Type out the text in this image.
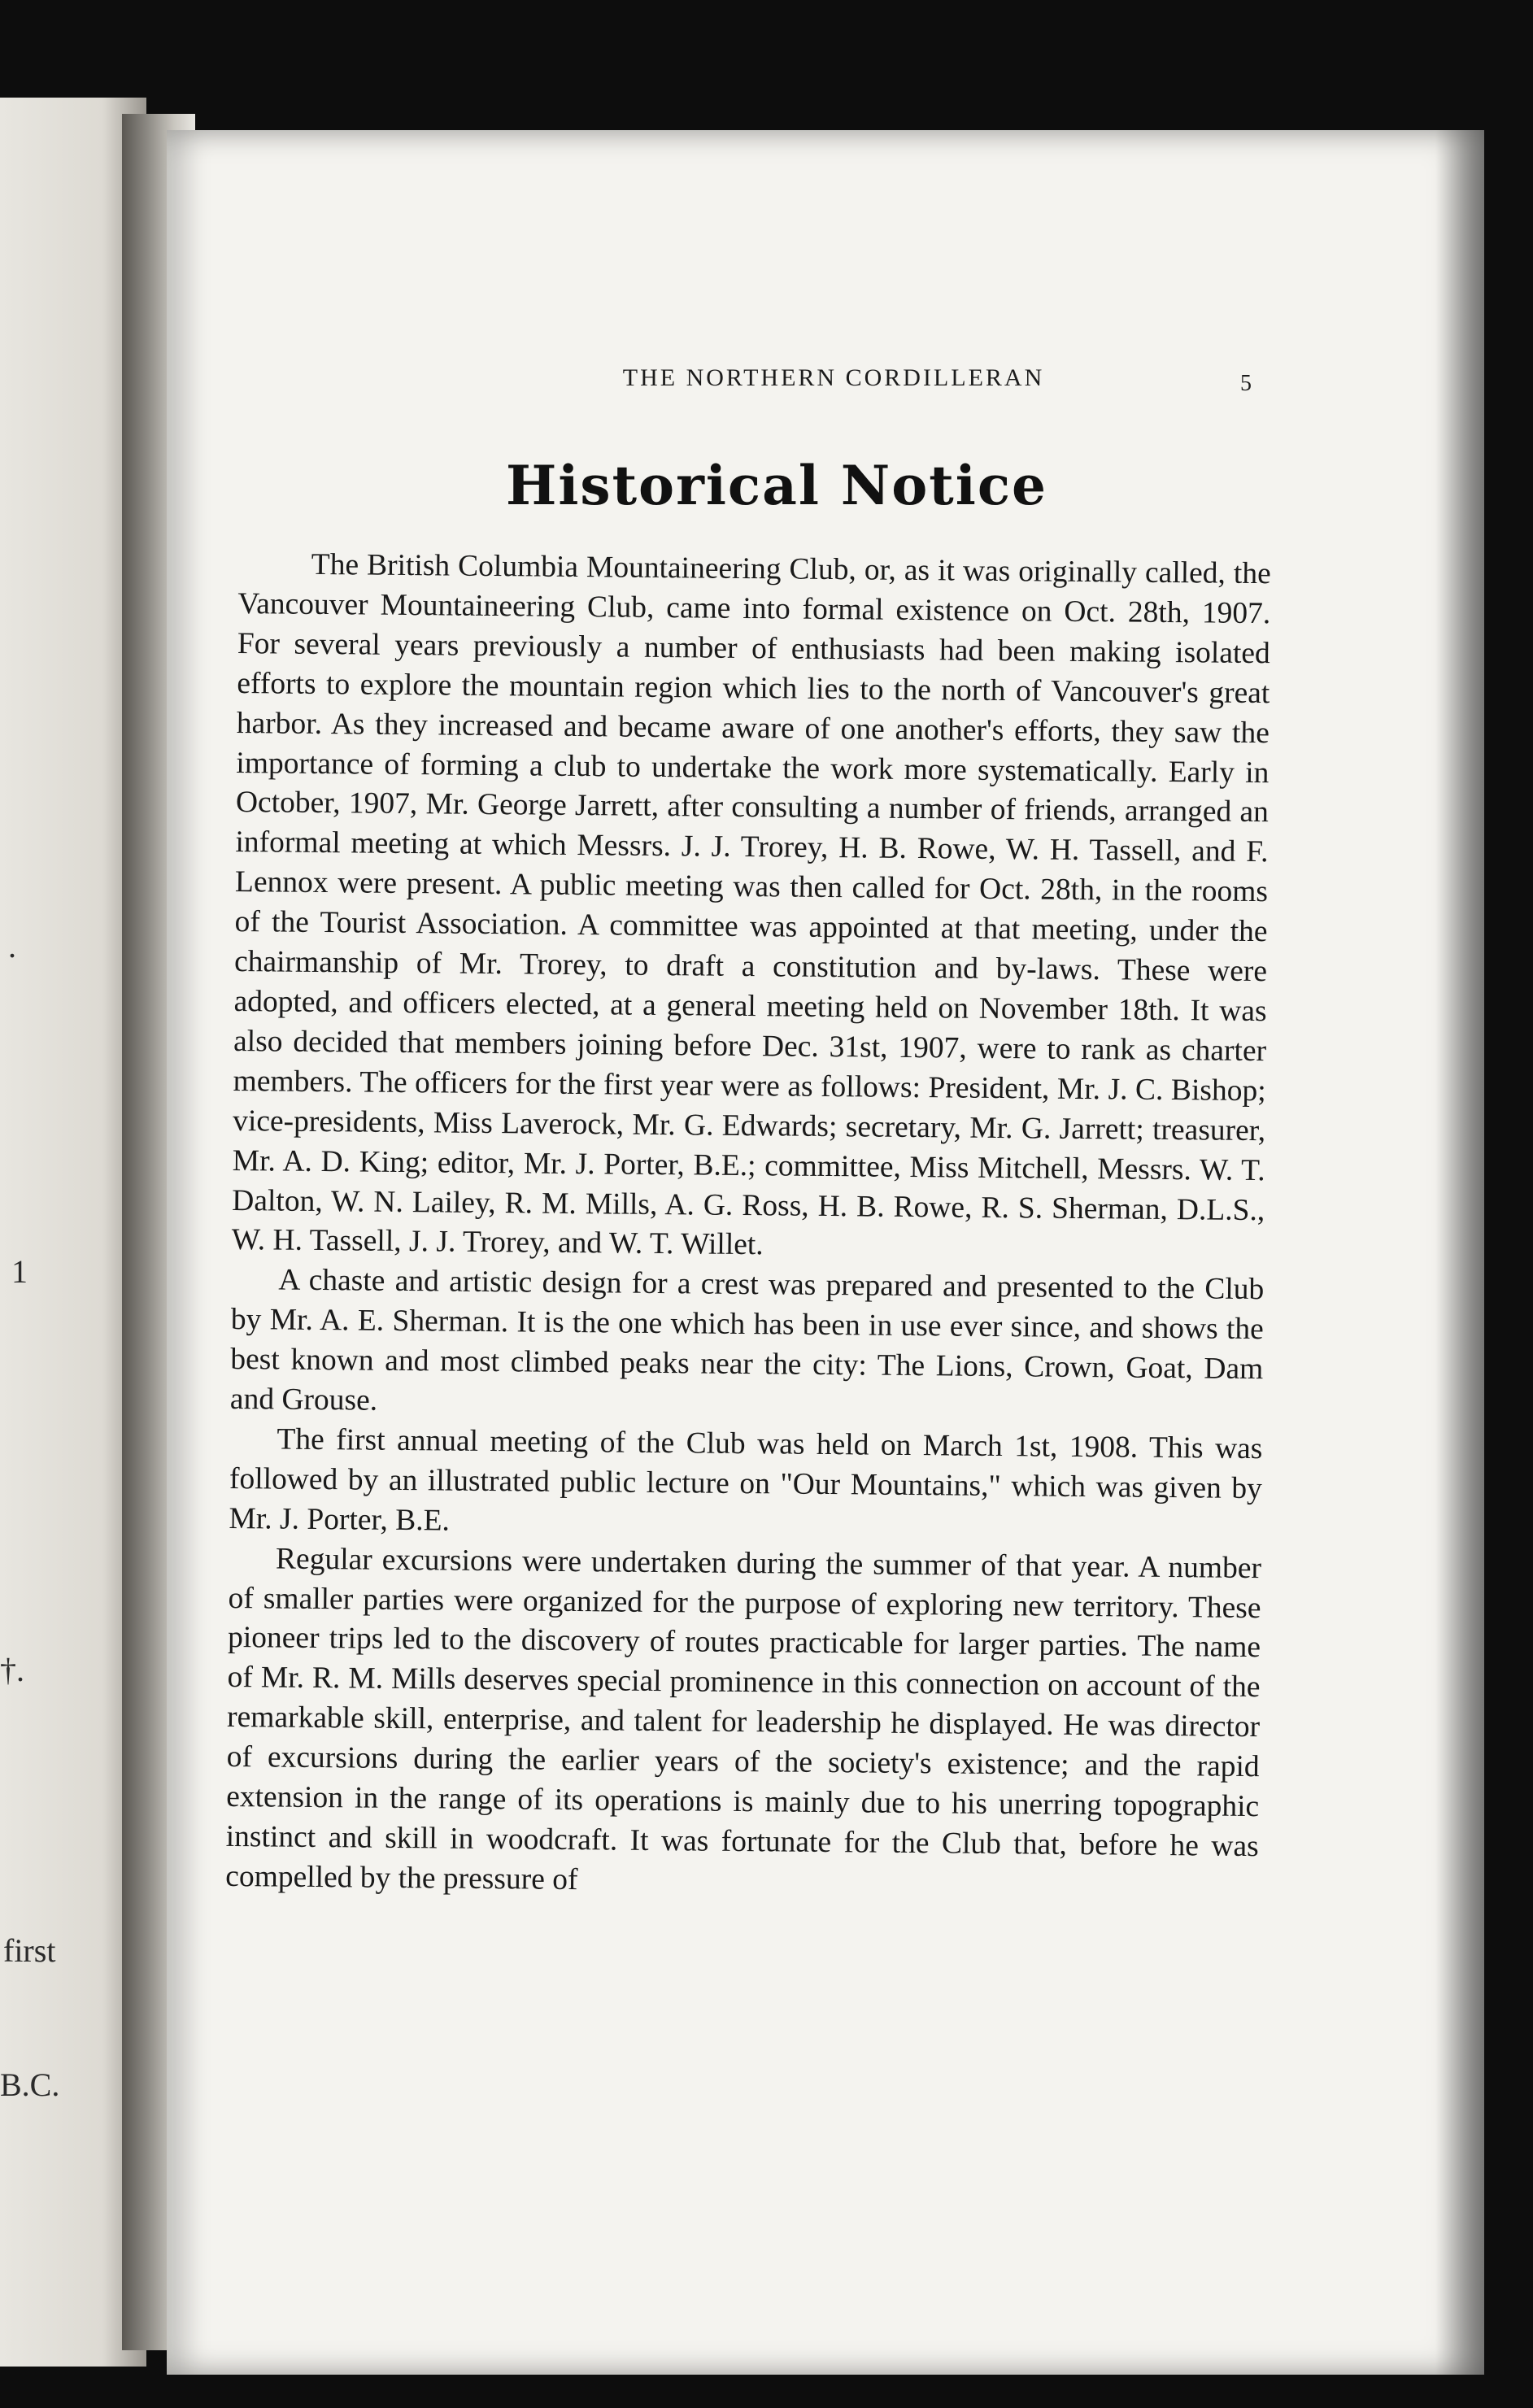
.
1
†.
first
B.C.
THE NORTHERN CORDILLERAN	5
Historical Notice

The British Columbia Mountaineering Club, or, as it was originally called, the Vancouver Mountaineering Club, came into formal existence on Oct. 28th, 1907. For several years previously a number of enthusiasts had been making isolated efforts to explore the mountain region which lies to the north of Vancouver's great harbor. As they increased and became aware of one another's efforts, they saw the importance of forming a club to undertake the work more systematically. Early in October, 1907, Mr. George Jarrett, after consulting a number of friends, arranged an informal meeting at which Messrs. J. J. Trorey, H. B. Rowe, W. H. Tassell, and F. Lennox were present. A public meeting was then called for Oct. 28th, in the rooms of the Tourist Association. A committee was appointed at that meeting, under the chairmanship of Mr. Trorey, to draft a constitution and by-laws. These were adopted, and officers elected, at a general meeting held on November 18th. It was also decided that members joining before Dec. 31st, 1907, were to rank as charter members. The officers for the first year were as follows: President, Mr. J. C. Bishop; vice-presidents, Miss Laverock, Mr. G. Edwards; secretary, Mr. G. Jarrett; treasurer, Mr. A. D. King; editor, Mr. J. Porter, B.E.; committee, Miss Mitchell, Messrs. W. T. Dalton, W. N. Lailey, R. M. Mills, A. G. Ross, H. B. Rowe, R. S. Sherman, D.L.S., W. H. Tassell, J. J. Trorey, and W. T. Willet.

A chaste and artistic design for a crest was prepared and presented to the Club by Mr. A. E. Sherman. It is the one which has been in use ever since, and shows the best known and most climbed peaks near the city: The Lions, Crown, Goat, Dam and Grouse.

The first annual meeting of the Club was held on March 1st, 1908. This was followed by an illustrated public lecture on "Our Mountains," which was given by Mr. J. Porter, B.E.

Regular excursions were undertaken during the summer of that year. A number of smaller parties were organized for the purpose of exploring new territory. These pioneer trips led to the discovery of routes practicable for larger parties. The name of Mr. R. M. Mills deserves special prominence in this connection on account of the remarkable skill, enterprise, and talent for leadership he displayed. He was director of excursions during the earlier years of the society's existence; and the rapid extension in the range of its operations is mainly due to his unerring topographic instinct and skill in woodcraft. It was fortunate for the Club that, before he was compelled by the pressure of
